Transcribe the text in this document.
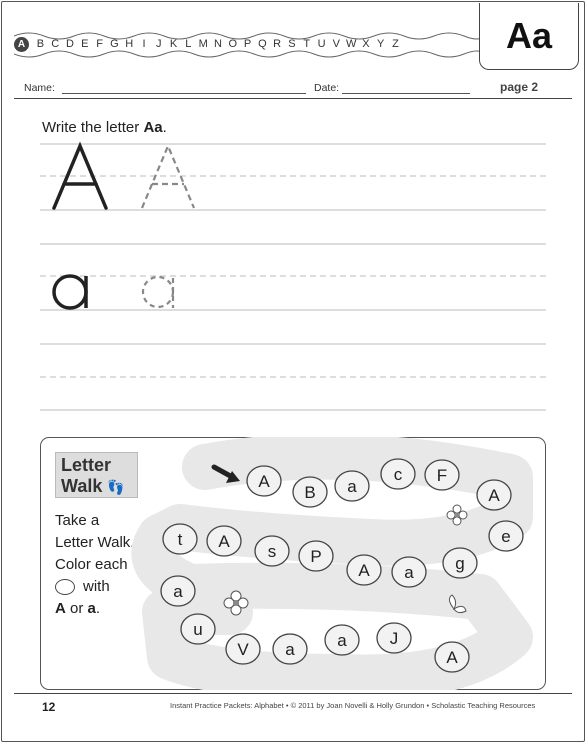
A	B C D E F G H I J K L M N O P Q R S T U V W X Y Z	Aa
Name:	Date:	page 2
Write the letter Aa.
Letter
Walk 👣
Take a
Letter Walk.
Color each
with
A or a.
A
B a
c F
A
e
t A
s P
A a g
a
u
V a	a	J
A
12	Instant Practice Packets: Alphabet • © 2011 by Joan Novelli & Holly Grundon • Scholastic Teaching Resources
